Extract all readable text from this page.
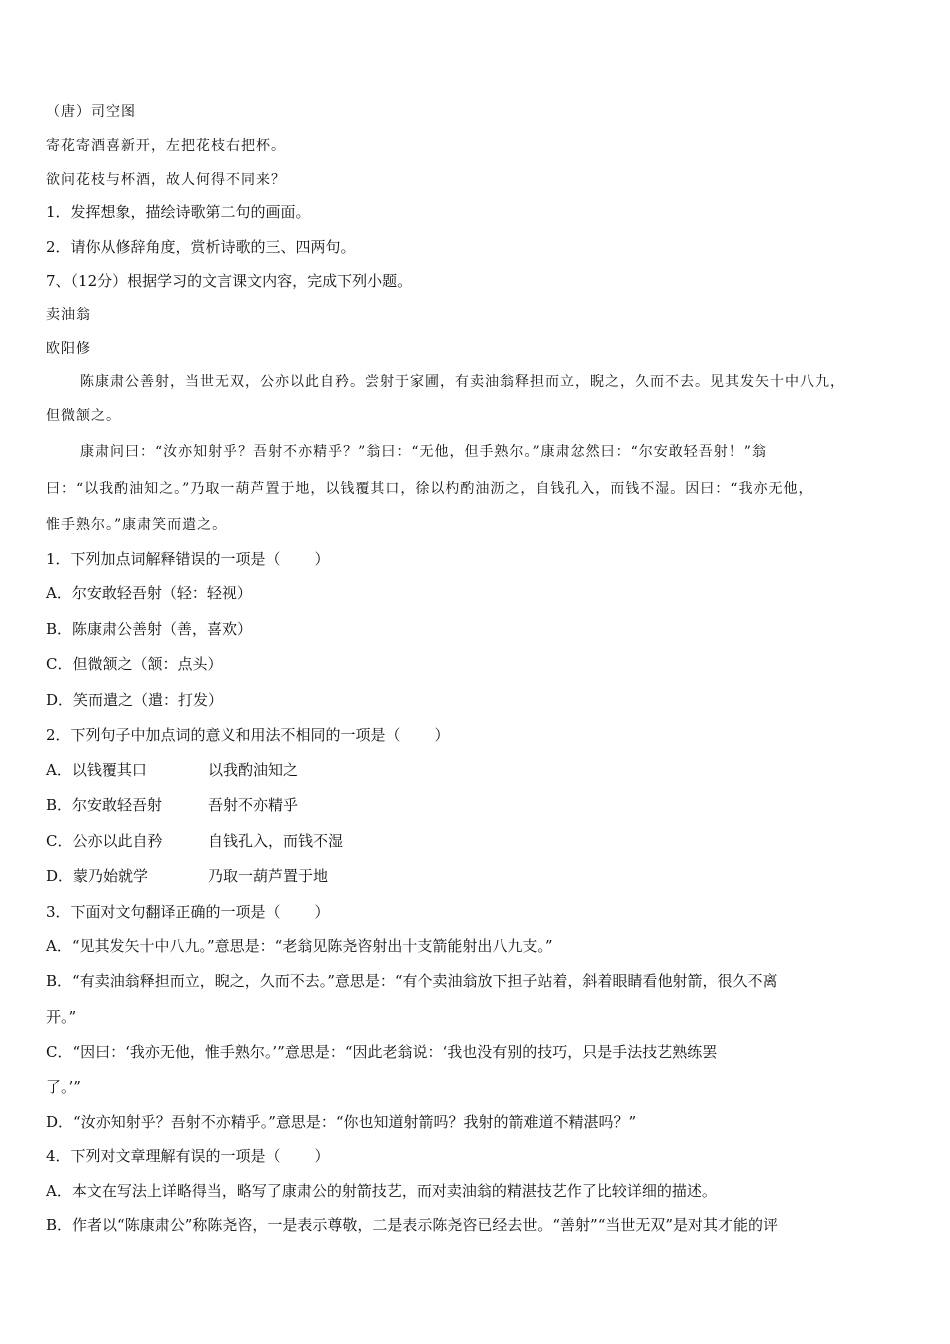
（唐）司空图
寄花寄酒喜新开，左把花枝右把杯。
欲问花枝与杯酒，故人何得不同来？
1．发挥想象，描绘诗歌第二句的画面。
2．请你从修辞角度，赏析诗歌的三、四两句。
7、（12分）根据学习的文言课文内容，完成下列小题。
卖油翁
欧阳修
陈康肃公善射，当世无双，公亦以此自矜。尝射于家圃，有卖油翁释担而立，睨之，久而不去。见其发矢十中八九，
但微颔之。
康肃问曰：“汝亦知射乎？吾射不亦精乎？”翁曰：“无他，但手熟尔。”康肃忿然曰：“尔安敢轻吾射！”翁
曰：“以我酌油知之。”乃取一葫芦置于地，以钱覆其口，徐以杓酌油沥之，自钱孔入，而钱不湿。因曰：“我亦无他，
惟手熟尔。”康肃笑而遣之。
1．下列加点词解释错误的一项是（ ）
A．尔安敢轻吾射（轻：轻视）
B．陈康肃公善射（善，喜欢）
C．但微颔之（颔：点头）
D．笑而遣之（遣：打发）
2．下列句子中加点词的意义和用法不相同的一项是（ ）
A．以钱覆其口	以我酌油知之
B．尔安敢轻吾射	吾射不亦精乎
C．公亦以此自矜	自钱孔入，而钱不湿
D．蒙乃始就学	乃取一葫芦置于地
3．下面对文句翻译正确的一项是（ ）
A．“见其发矢十中八九。”意思是：“老翁见陈尧咨射出十支箭能射出八九支。”
B．“有卖油翁释担而立，睨之，久而不去。”意思是：“有个卖油翁放下担子站着，斜着眼睛看他射箭，很久不离
开。”
C．“因曰：‘我亦无他，惟手熟尔。’”意思是：“因此老翁说：‘我也没有别的技巧，只是手法技艺熟练罢
了。’”
D．“汝亦知射乎？吾射不亦精乎。”意思是：“你也知道射箭吗？我射的箭难道不精湛吗？”
4．下列对文章理解有误的一项是（ ）
A．本文在写法上详略得当，略写了康肃公的射箭技艺，而对卖油翁的精湛技艺作了比较详细的描述。
B．作者以“陈康肃公”称陈尧咨，一是表示尊敬，二是表示陈尧咨已经去世。“善射”“当世无双”是对其才能的评
